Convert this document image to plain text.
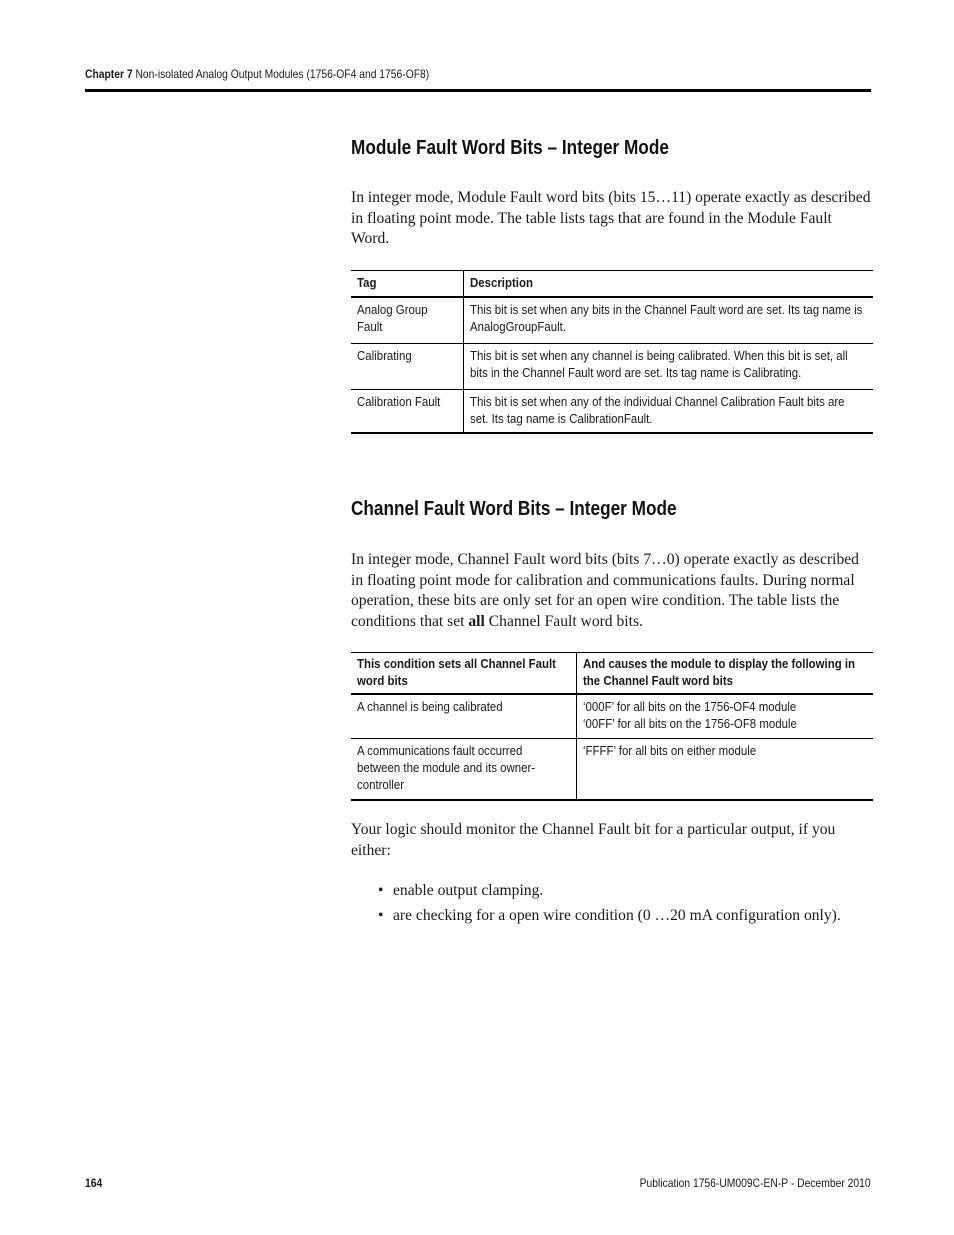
Chapter 7 Non-isolated Analog Output Modules (1756-OF4 and 1756-OF8)
Module Fault Word Bits – Integer Mode

In integer mode, Module Fault word bits (bits 15…11) operate exactly as described in floating point mode. The table lists tags that are found in the Module Fault Word.

Tag	Description
Analog Group Fault	This bit is set when any bits in the Channel Fault word are set. Its tag name is AnalogGroupFault.
Calibrating	This bit is set when any channel is being calibrated. When this bit is set, all bits in the Channel Fault word are set. Its tag name is Calibrating.
Calibration Fault	This bit is set when any of the individual Channel Calibration Fault bits are set. Its tag name is CalibrationFault.
Channel Fault Word Bits – Integer Mode

In integer mode, Channel Fault word bits (bits 7…0) operate exactly as described in floating point mode for calibration and communications faults. During normal operation, these bits are only set for an open wire condition. The table lists the conditions that set all Channel Fault word bits.

This condition sets all Channel Fault word bits	And causes the module to display the following in the Channel Fault word bits
A channel is being calibrated	‘000F’ for all bits on the 1756-OF4 module
‘00FF’ for all bits on the 1756-OF8 module
A communications fault occurred between the module and its owner-controller	‘FFFF’ for all bits on either module

Your logic should monitor the Channel Fault bit for a particular output, if you either:

• enable output clamping.
• are checking for a open wire condition (0 …20 mA configuration only).
164	Publication 1756-UM009C-EN-P - December 2010
